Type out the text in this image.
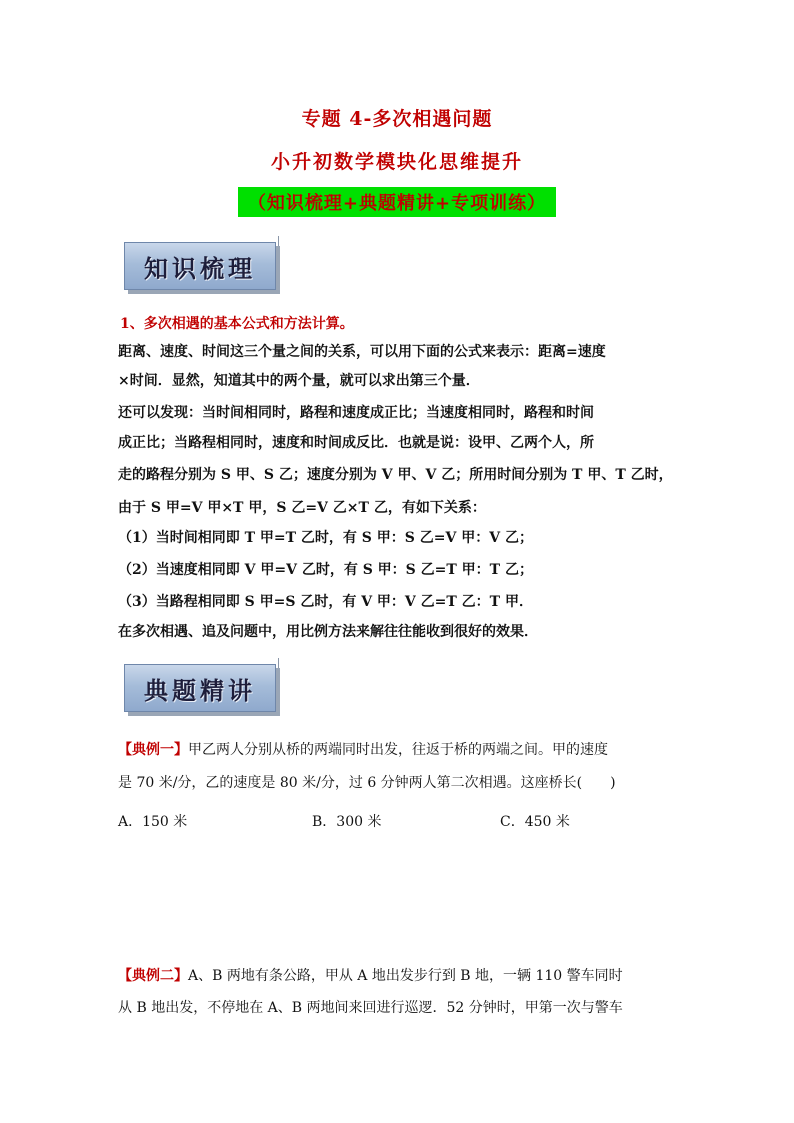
专题 4-多次相遇问题
小升初数学模块化思维提升
（知识梳理+典题精讲+专项训练）
知识梳理
1、多次相遇的基本公式和方法计算。
距离、速度、时间这三个量之间的关系，可以用下面的公式来表示：距离=速度
×时间．显然，知道其中的两个量，就可以求出第三个量．
还可以发现：当时间相同时，路程和速度成正比；当速度相同时，路程和时间
成正比；当路程相同时，速度和时间成反比．也就是说：设甲、乙两个人，所
走的路程分别为 S 甲、S 乙；速度分别为 V 甲、V 乙；所用时间分别为 T 甲、T 乙时，
由于 S 甲=V 甲×T 甲，S 乙=V 乙×T 乙，有如下关系：
（1）当时间相同即 T 甲=T 乙时，有 S 甲：S 乙=V 甲：V 乙；
（2）当速度相同即 V 甲=V 乙时，有 S 甲：S 乙=T 甲：T 乙；
（3）当路程相同即 S 甲=S 乙时，有 V 甲：V 乙=T 乙：T 甲．
在多次相遇、追及问题中，用比例方法来解往往能收到很好的效果．
典题精讲
【典例一】甲乙两人分别从桥的两端同时出发，往返于桥的两端之间。甲的速度
是 70 米/分，乙的速度是 80 米/分，过 6 分钟两人第二次相遇。这座桥长(　　)
A．150 米	B．300 米	C．450 米
【典例二】A、B 两地有条公路，甲从 A 地出发步行到 B 地，一辆 110 警车同时
从 B 地出发，不停地在 A、B 两地间来回进行巡逻．52 分钟时，甲第一次与警车
